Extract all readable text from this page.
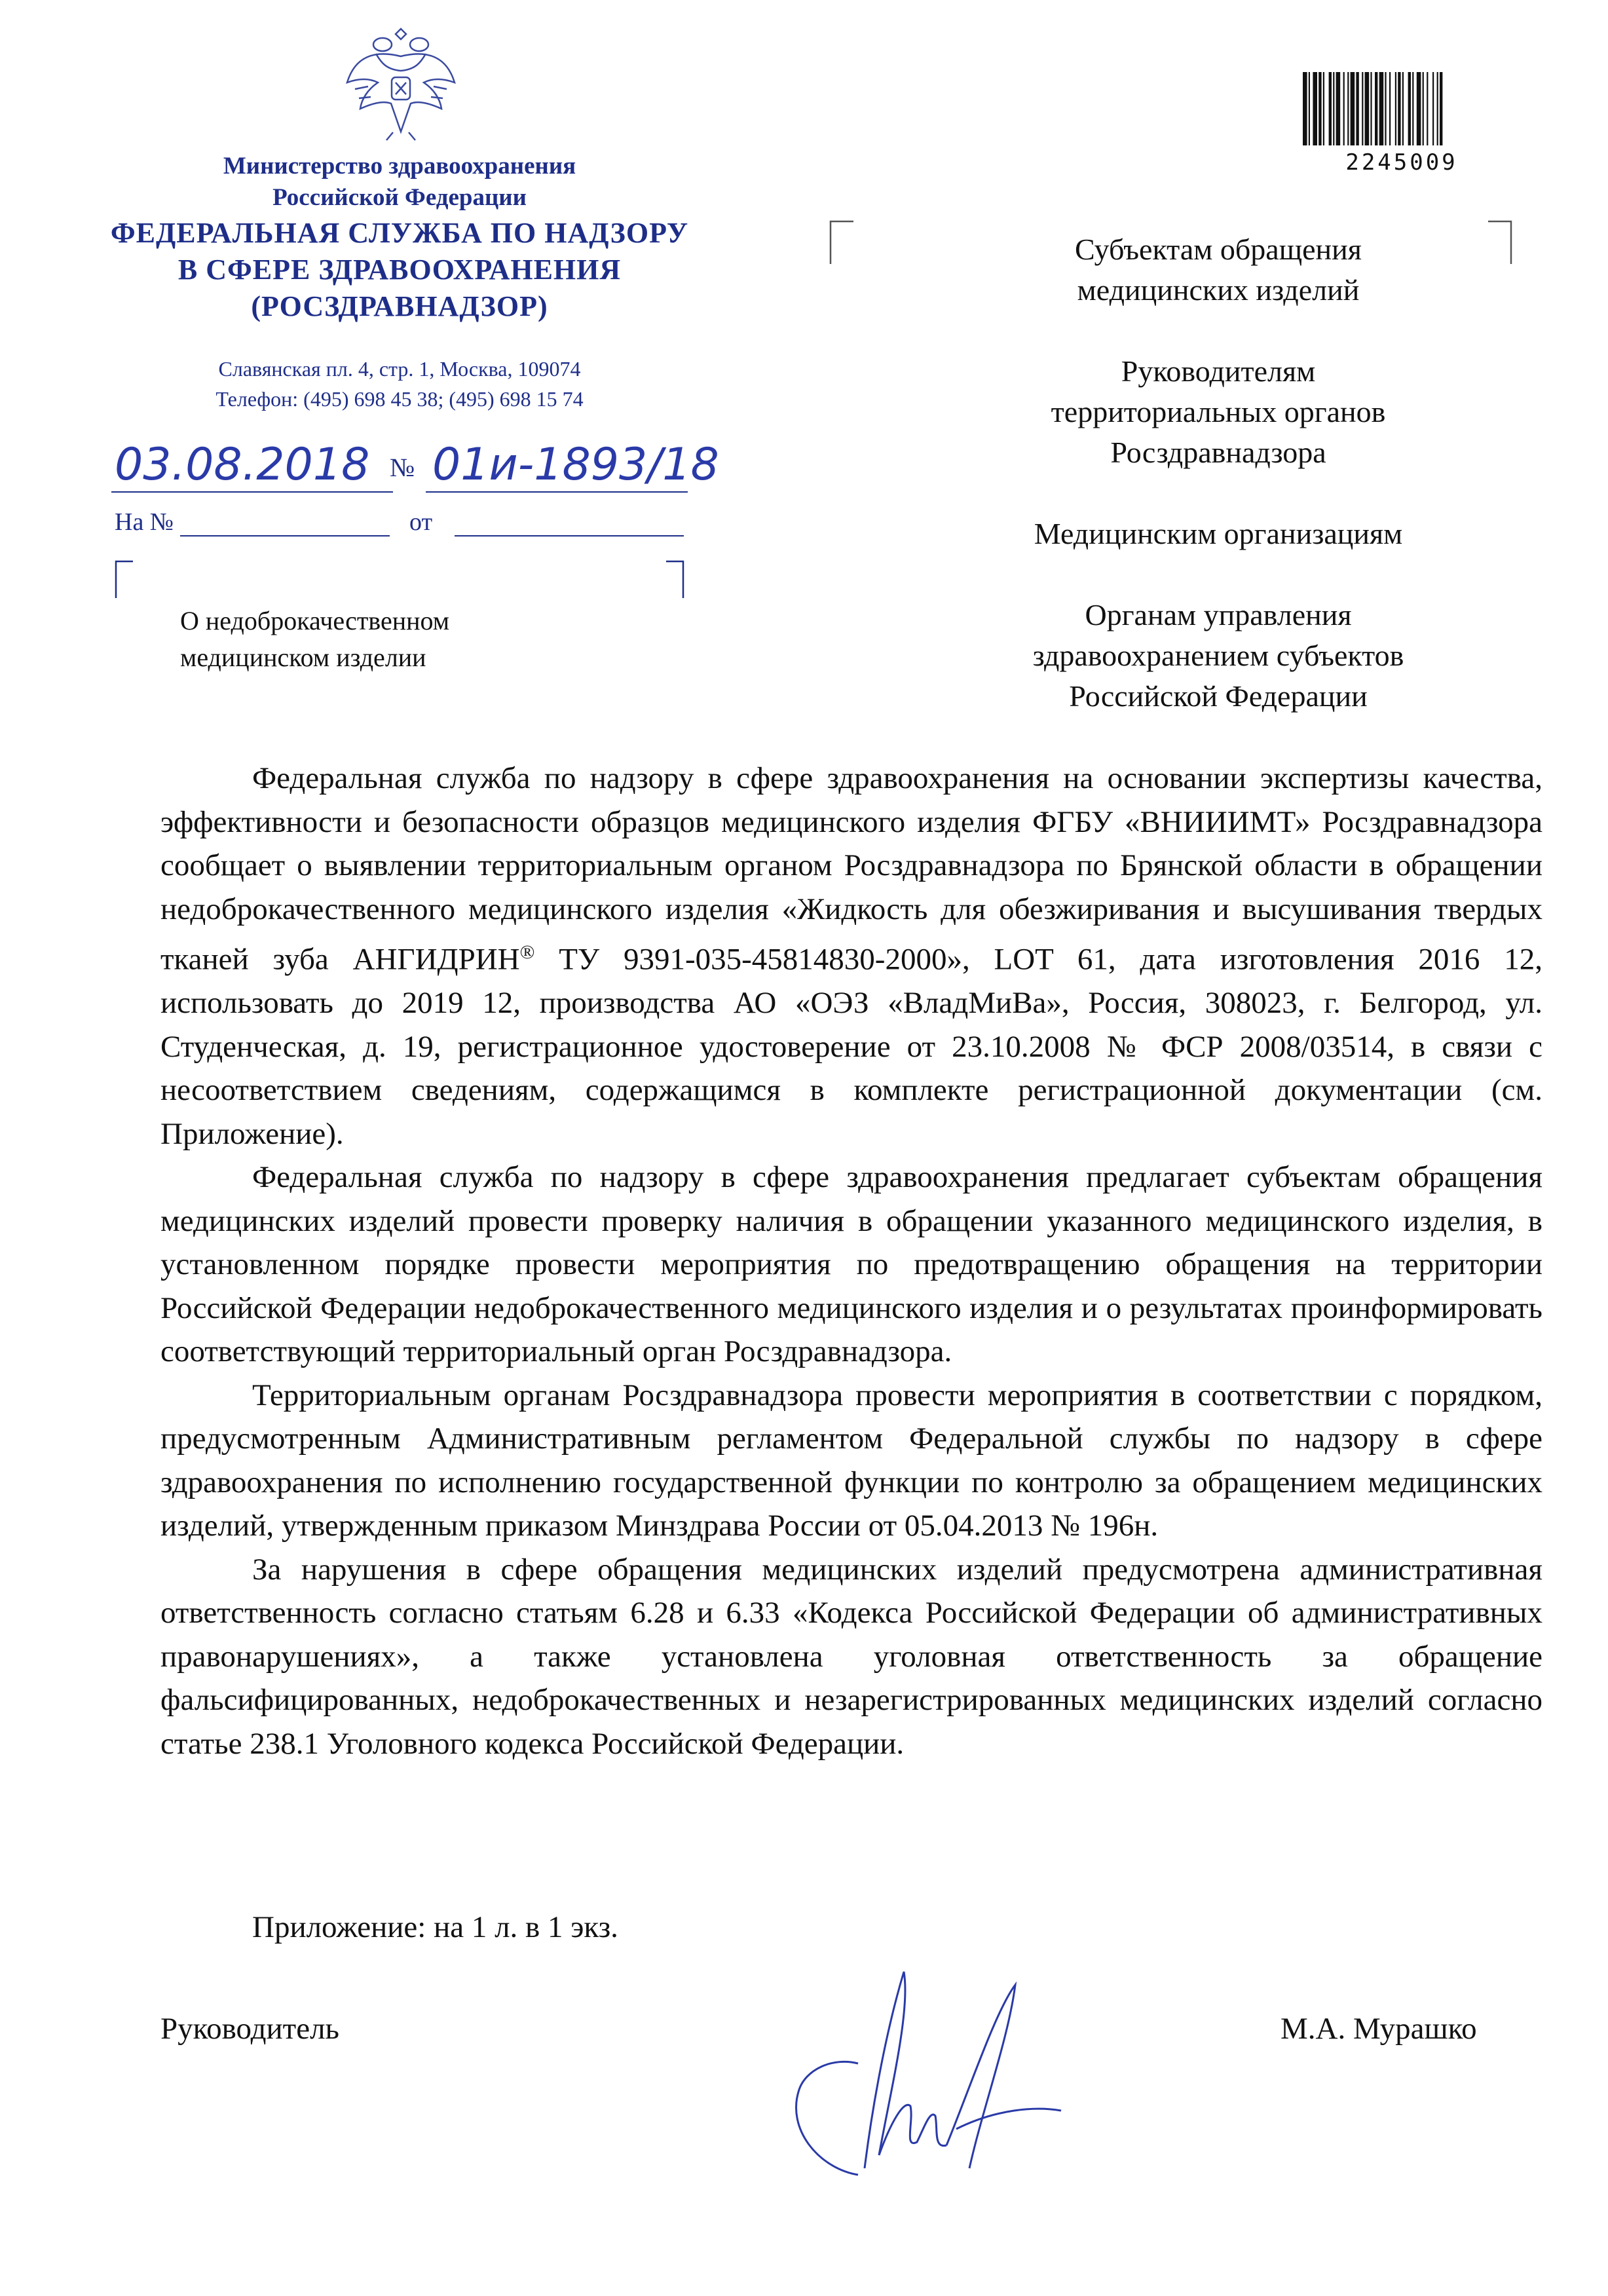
Министерство здравоохранения
Российской Федерации
ФЕДЕРАЛЬНАЯ СЛУЖБА ПО НАДЗОРУ
В СФЕРЕ ЗДРАВООХРАНЕНИЯ
(РОСЗДРАВНАДЗОР)
Славянская пл. 4, стр. 1, Москва, 109074
Телефон: (495) 698 45 38; (495) 698 15 74
03.08.2018 № 01и-1893/18
На №	от
О недоброкачественном
медицинском изделии
2245009
Субъектам обращения
медицинских изделий
Руководителям
территориальных органов
Росздравнадзора
Медицинским организациям
Органам управления
здравоохранением субъектов
Российской Федерации

Федеральная служба по надзору в сфере здравоохранения на основании экспертизы качества, эффективности и безопасности образцов медицинского изделия ФГБУ «ВНИИИМТ» Росздравнадзора сообщает о выявлении территориальным органом Росздравнадзора по Брянской области в обращении недоброкачественного медицинского изделия «Жидкость для обезжиривания и высушивания твердых тканей зуба АНГИДРИН® ТУ 9391-035-45814830-2000», LOT 61, дата изготовления 2016 12, использовать до 2019 12, производства АО «ОЭЗ «ВладМиВа», Россия, 308023, г. Белгород, ул. Студенческая, д. 19, регистрационное удостоверение от 23.10.2008 № ФСР 2008/03514, в связи с несоответствием сведениям, содержащимся в комплекте регистрационной документации (см. Приложение).

Федеральная служба по надзору в сфере здравоохранения предлагает субъектам обращения медицинских изделий провести проверку наличия в обращении указанного медицинского изделия, в установленном порядке провести мероприятия по предотвращению обращения на территории Российской Федерации недоброкачественного медицинского изделия и о результатах проинформировать соответствующий территориальный орган Росздравнадзора.

Территориальным органам Росздравнадзора провести мероприятия в соответствии с порядком, предусмотренным Административным регламентом Федеральной службы по надзору в сфере здравоохранения по исполнению государственной функции по контролю за обращением медицинских изделий, утвержденным приказом Минздрава России от 05.04.2013 № 196н.

За нарушения в сфере обращения медицинских изделий предусмотрена административная ответственность согласно статьям 6.28 и 6.33 «Кодекса Российской Федерации об административных правонарушениях», а также установлена уголовная ответственность за обращение фальсифицированных, недоброкачественных и незарегистрированных медицинских изделий согласно статье 238.1 Уголовного кодекса Российской Федерации.

Приложение: на 1 л. в 1 экз.
Руководитель	М.А. Мурашко
